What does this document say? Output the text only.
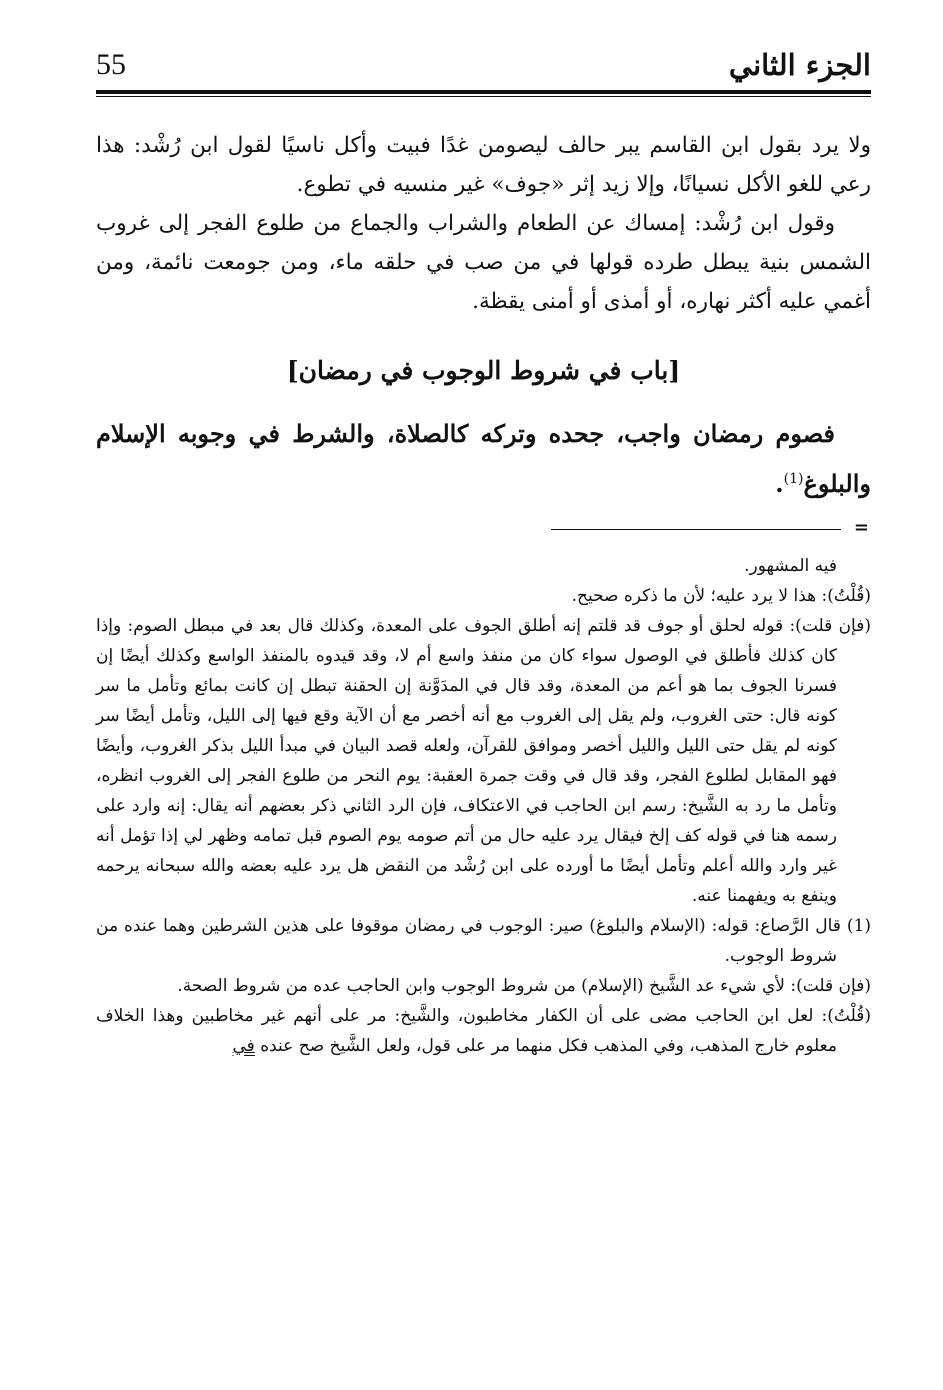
الجزء الثاني
55

ولا يرد بقول ابن القاسم يبر حالف ليصومن غدًا فبيت وأكل ناسيًا لقول ابن رُشْد: هذا رعي للغو الأكل نسيانًا، وإلا زيد إثر «جوف» غير منسيه في تطوع.

وقول ابن رُشْد: إمساك عن الطعام والشراب والجماع من طلوع الفجر إلى غروب الشمس بنية يبطل طرده قولها في من صب في حلقه ماء، ومن جومعت نائمة، ومن أغمي عليه أكثر نهاره، أو أمذى أو أمنى يقظة.

[باب في شروط الوجوب في رمضان]
فصوم رمضان واجب، جحده وتركه كالصلاة، والشرط في وجوبه الإسلام والبلوغ$^{(1)}$.
=

فيه المشهور.

(قُلْتُ): هذا لا يرد عليه؛ لأن ما ذكره صحيح.

(فإن قلت): قوله لحلق أو جوف قد قلتم إنه أطلق الجوف على المعدة، وكذلك قال بعد في مبطل الصوم: وإذا كان كذلك فأطلق في الوصول سواء كان من منفذ واسع أم لا، وقد قيدوه بالمنفذ الواسع وكذلك أيضًا إن فسرنا الجوف بما هو أعم من المعدة، وقد قال في المدَوَّنة إن الحقنة تبطل إن كانت بمائع وتأمل ما سر كونه قال: حتى الغروب، ولم يقل إلى الغروب مع أنه أخصر مع أن الآية وقع فيها إلى الليل، وتأمل أيضًا سر كونه لم يقل حتى الليل والليل أخصر وموافق للقرآن، ولعله قصد البيان في مبدأ الليل بذكر الغروب، وأيضًا فهو المقابل لطلوع الفجر، وقد قال في وقت جمرة العقبة: يوم النحر من طلوع الفجر إلى الغروب انظره، وتأمل ما رد به الشَّيخ: رسم ابن الحاجب في الاعتكاف، فإن الرد الثاني ذكر بعضهم أنه يقال: إنه وارد على رسمه هنا في قوله كف إلخ فيقال يرد عليه حال من أتم صومه يوم الصوم قبل تمامه وظهر لي إذا تؤمل أنه غير وارد والله أعلم وتأمل أيضًا ما أورده على ابن رُشْد من النقض هل يرد عليه بعضه والله سبحانه يرحمه وينفع به ويفهمنا عنه.

(1) قال الرَّصاع: قوله: (الإسلام والبلوغ) صير: الوجوب في رمضان موقوفا على هذين الشرطين وهما عنده من شروط الوجوب.

(فإن قلت): لأي شيء عد الشَّيخ (الإسلام) من شروط الوجوب وابن الحاجب عده من شروط الصحة.

(قُلْتُ): لعل ابن الحاجب مضى على أن الكفار مخاطبون، والشَّيخ: مر على أنهم غير مخاطبين وهذا الخلاف معلوم خارج المذهب، وفي المذهب فكل منهما مر على قول، ولعل الشَّيخ صح عنده في
